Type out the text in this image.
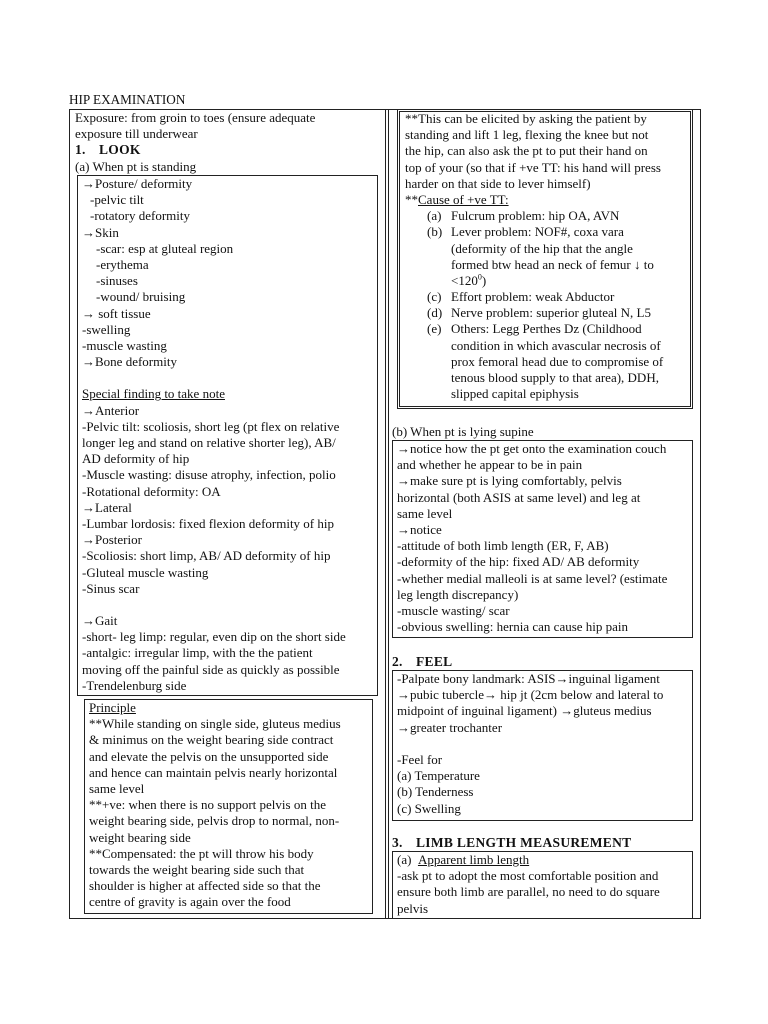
HIP EXAMINATION
Exposure: from groin to toes (ensure adequate
exposure till underwear
1. LOOK
(a) When pt is standing
→Posture/ deformity
-pelvic tilt
-rotatory deformity
→Skin
-scar: esp at gluteal region
-erythema
-sinuses
-wound/ bruising
→ soft tissue
-swelling
-muscle wasting
→Bone deformity
Special finding to take note
→Anterior
-Pelvic tilt: scoliosis, short leg (pt flex on relative
longer leg and stand on relative shorter leg), AB/
AD deformity of hip
-Muscle wasting: disuse atrophy, infection, polio
-Rotational deformity: OA
→Lateral
-Lumbar lordosis: fixed flexion deformity of hip
→Posterior
-Scoliosis: short limp, AB/ AD deformity of hip
-Gluteal muscle wasting
-Sinus scar
→Gait
-short- leg limp: regular, even dip on the short side
-antalgic: irregular limp, with the the patient
moving off the painful side as quickly as possible
-Trendelenburg side
Principle
**While standing on single side, gluteus medius
& minimus on the weight bearing side contract
and elevate the pelvis on the unsupported side
and hence can maintain pelvis nearly horizontal
same level
**+ve: when there is no support pelvis on the
weight bearing side, pelvis drop to normal, non-
weight bearing side
**Compensated: the pt will throw his body
towards the weight bearing side such that
shoulder is higher at affected side so that the
centre of gravity is again over the food
**This can be elicited by asking the patient by
standing and lift 1 leg, flexing the knee but not
the hip, can also ask the pt to put their hand on
top of your (so that if +ve TT: his hand will press
harder on that side to lever himself)
**Cause of +ve TT:
(a) Fulcrum problem: hip OA, AVN
(b) Lever problem: NOF#, coxa vara
(deformity of the hip that the angle
formed btw head an neck of femur ↓ to
$<120^0$)
(c) Effort problem: weak Abductor
(d) Nerve problem: superior gluteal N, L5
(e) Others: Legg Perthes Dz (Childhood
condition in which avascular necrosis of
prox femoral head due to compromise of
tenous blood supply to that area), DDH,
slipped capital epiphysis
(b) When pt is lying supine
→notice how the pt get onto the examination couch
and whether he appear to be in pain
→make sure pt is lying comfortably, pelvis
horizontal (both ASIS at same level) and leg at
same level
→notice
-attitude of both limb length (ER, F, AB)
-deformity of the hip: fixed AD/ AB deformity
-whether medial malleoli is at same level? (estimate
leg length discrepancy)
-muscle wasting/ scar
-obvious swelling: hernia can cause hip pain
2. FEEL
-Palpate bony landmark: ASIS→inguinal ligament
→pubic tubercle→ hip jt (2cm below and lateral to
midpoint of inguinal ligament) →gluteus medius
→greater trochanter
-Feel for
(a) Temperature
(b) Tenderness
(c) Swelling
3. LIMB LENGTH MEASUREMENT
(a) Apparent limb length
-ask pt to adopt the most comfortable position and
ensure both limb are parallel, no need to do square
pelvis
